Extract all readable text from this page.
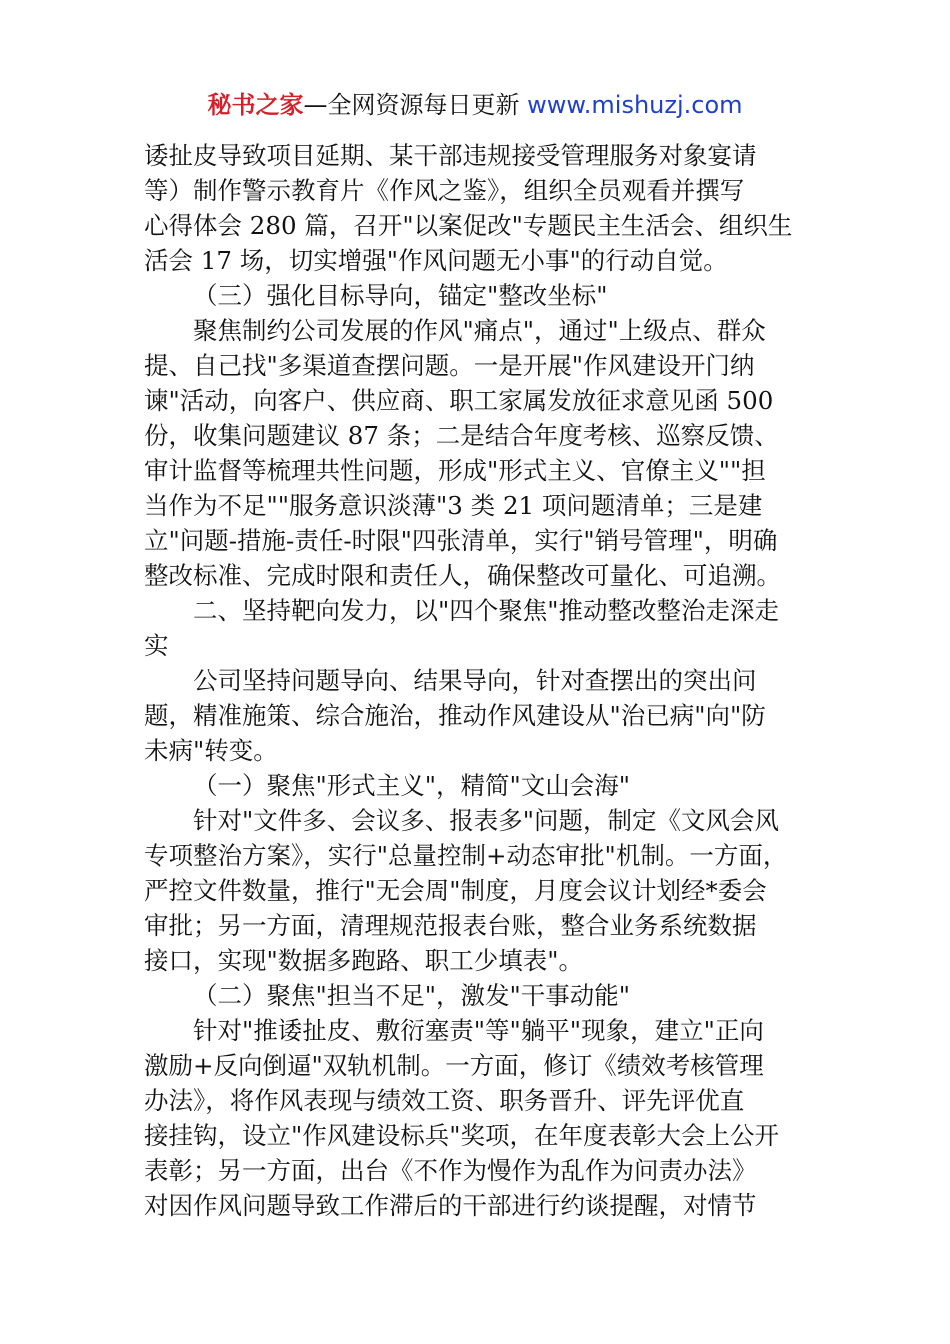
秘书之家—全网资源每日更新 www.mishuzj.com
诿扯皮导致项目延期、某干部违规接受管理服务对象宴请
等）制作警示教育片《作风之鉴》，组织全员观看并撰写
心得体会 280 篇，召开"以案促改"专题民主生活会、组织生
活会 17 场，切实增强"作风问题无小事"的行动自觉。
（三）强化目标导向，锚定"整改坐标"
聚焦制约公司发展的作风"痛点"，通过"上级点、群众
提、自己找"多渠道查摆问题。一是开展"作风建设开门纳
谏"活动，向客户、供应商、职工家属发放征求意见函 500
份，收集问题建议 87 条；二是结合年度考核、巡察反馈、
审计监督等梳理共性问题，形成"形式主义、官僚主义""担
当作为不足""服务意识淡薄"3 类 21 项问题清单；三是建
立"问题-措施-责任-时限"四张清单，实行"销号管理"，明确
整改标准、完成时限和责任人，确保整改可量化、可追溯。
二、坚持靶向发力，以"四个聚焦"推动整改整治走深走
实
公司坚持问题导向、结果导向，针对查摆出的突出问
题，精准施策、综合施治，推动作风建设从"治已病"向"防
未病"转变。
（一）聚焦"形式主义"，精简"文山会海"
针对"文件多、会议多、报表多"问题，制定《文风会风
专项整治方案》，实行"总量控制+动态审批"机制。一方面，
严控文件数量，推行"无会周"制度，月度会议计划经*委会
审批；另一方面，清理规范报表台账，整合业务系统数据
接口，实现"数据多跑路、职工少填表"。
（二）聚焦"担当不足"，激发"干事动能"
针对"推诿扯皮、敷衍塞责"等"躺平"现象，建立"正向
激励+反向倒逼"双轨机制。一方面，修订《绩效考核管理
办法》，将作风表现与绩效工资、职务晋升、评先评优直
接挂钩，设立"作风建设标兵"奖项，在年度表彰大会上公开
表彰；另一方面，出台《不作为慢作为乱作为问责办法》
对因作风问题导致工作滞后的干部进行约谈提醒，对情节
